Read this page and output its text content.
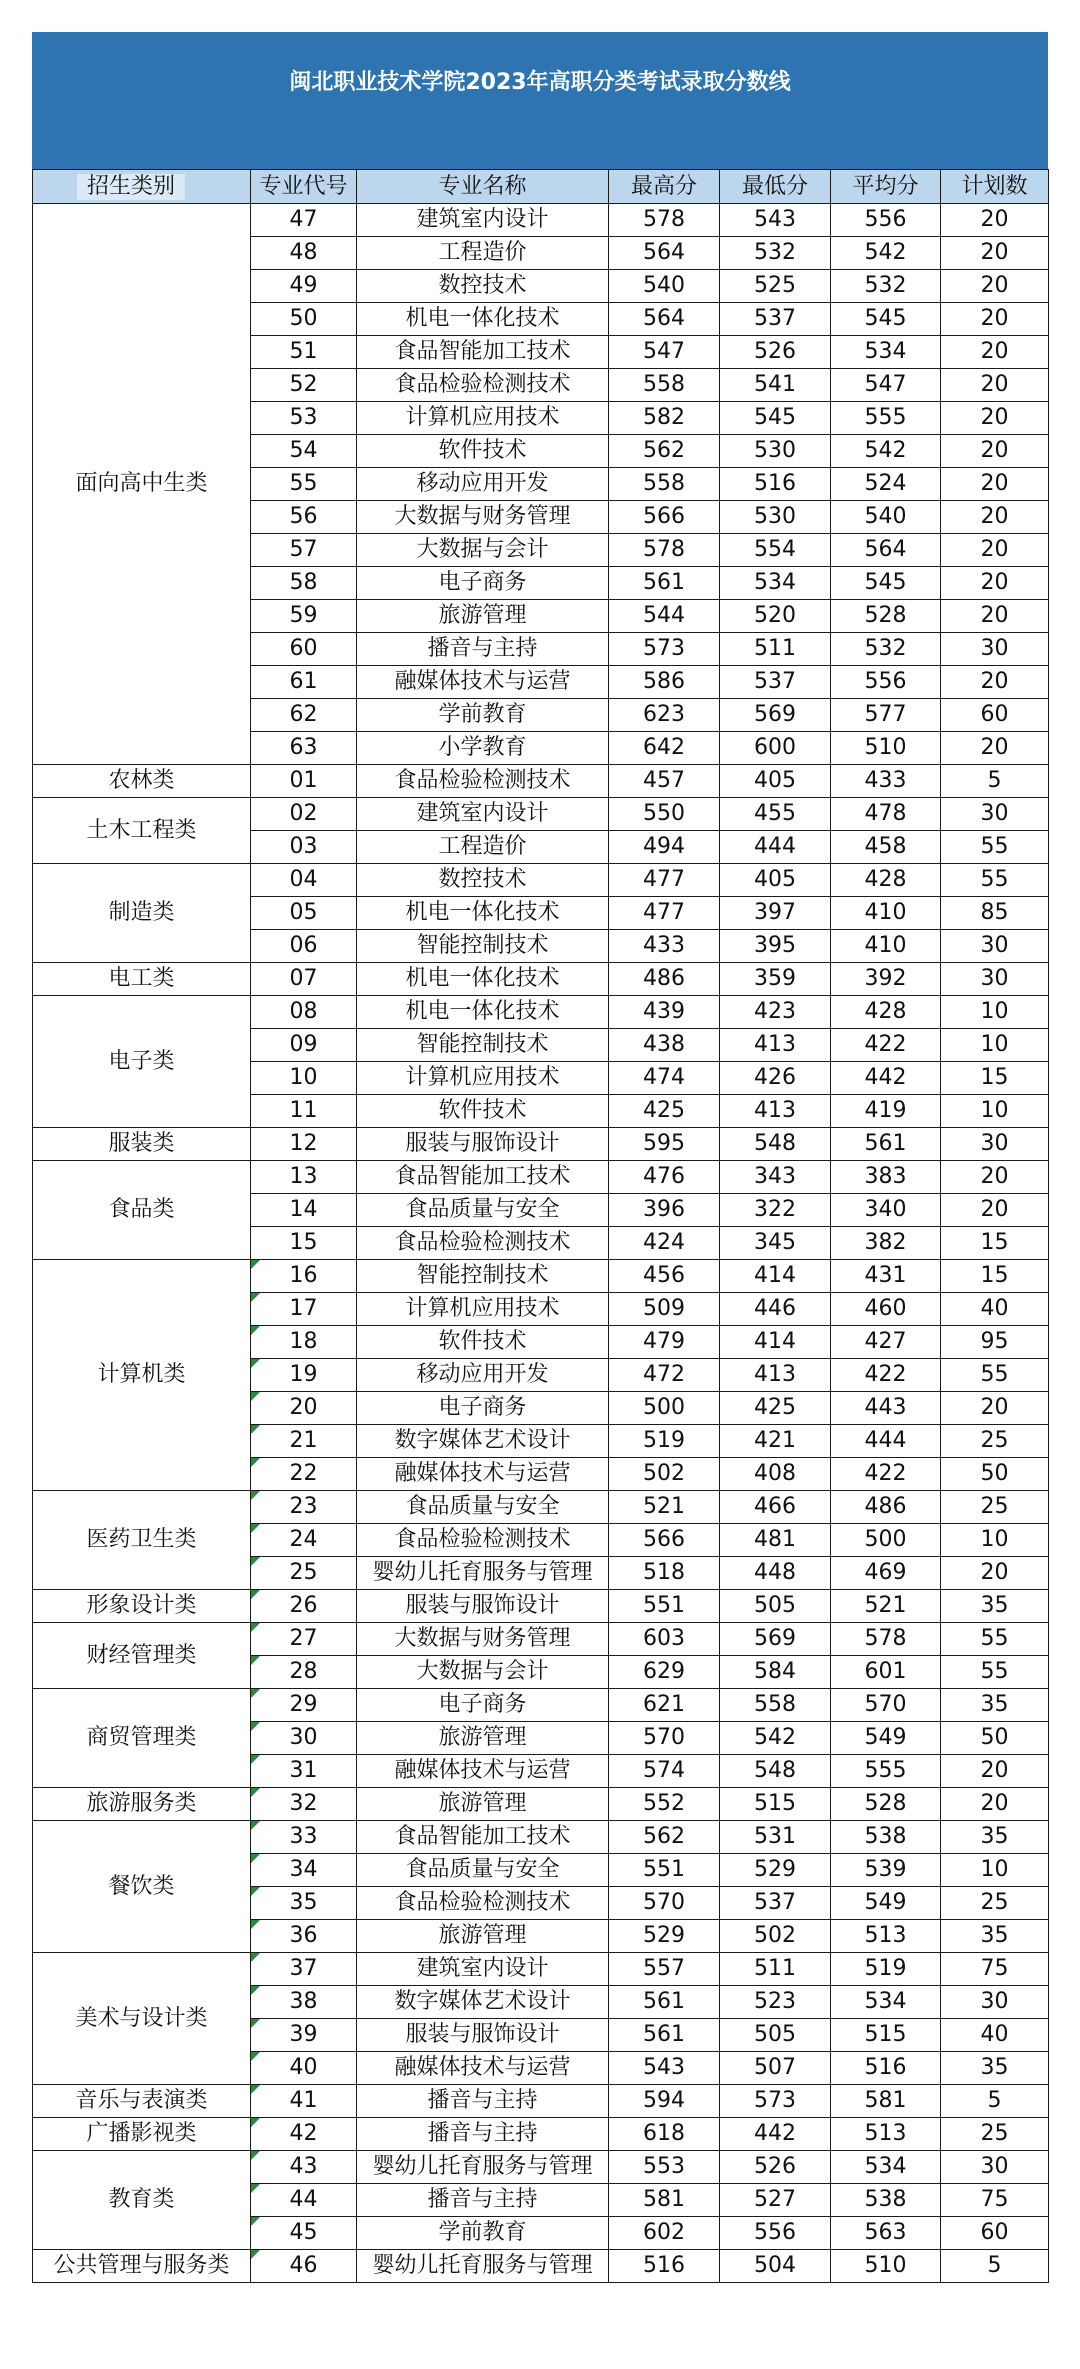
闽北职业技术学院2023年高职分类考试录取分数线
招生类别	专业代号	专业名称	最高分	最低分	平均分	计划数
面向高中生类	47	建筑室内设计	578	543	556	20
	48	工程造价	564	532	542	20
	49	数控技术	540	525	532	20
	50	机电一体化技术	564	537	545	20
	51	食品智能加工技术	547	526	534	20
	52	食品检验检测技术	558	541	547	20
	53	计算机应用技术	582	545	555	20
	54	软件技术	562	530	542	20
	55	移动应用开发	558	516	524	20
	56	大数据与财务管理	566	530	540	20
	57	大数据与会计	578	554	564	20
	58	电子商务	561	534	545	20
	59	旅游管理	544	520	528	20
	60	播音与主持	573	511	532	30
	61	融媒体技术与运营	586	537	556	20
	62	学前教育	623	569	577	60
	63	小学教育	642	600	510	20
农林类	01	食品检验检测技术	457	405	433	5
土木工程类	02	建筑室内设计	550	455	478	30
	03	工程造价	494	444	458	55
制造类	04	数控技术	477	405	428	55
	05	机电一体化技术	477	397	410	85
	06	智能控制技术	433	395	410	30
电工类	07	机电一体化技术	486	359	392	30
电子类	08	机电一体化技术	439	423	428	10
	09	智能控制技术	438	413	422	10
	10	计算机应用技术	474	426	442	15
	11	软件技术	425	413	419	10
服装类	12	服装与服饰设计	595	548	561	30
食品类	13	食品智能加工技术	476	343	383	20
	14	食品质量与安全	396	322	340	20
	15	食品检验检测技术	424	345	382	15
计算机类	16	智能控制技术	456	414	431	15
	17	计算机应用技术	509	446	460	40
	18	软件技术	479	414	427	95
	19	移动应用开发	472	413	422	55
	20	电子商务	500	425	443	20
	21	数字媒体艺术设计	519	421	444	25
	22	融媒体技术与运营	502	408	422	50
医药卫生类	23	食品质量与安全	521	466	486	25
	24	食品检验检测技术	566	481	500	10
	25	婴幼儿托育服务与管理	518	448	469	20
形象设计类	26	服装与服饰设计	551	505	521	35
财经管理类	27	大数据与财务管理	603	569	578	55
	28	大数据与会计	629	584	601	55
商贸管理类	29	电子商务	621	558	570	35
	30	旅游管理	570	542	549	50
	31	融媒体技术与运营	574	548	555	20
旅游服务类	32	旅游管理	552	515	528	20
餐饮类	33	食品智能加工技术	562	531	538	35
	34	食品质量与安全	551	529	539	10
	35	食品检验检测技术	570	537	549	25
	36	旅游管理	529	502	513	35
美术与设计类	37	建筑室内设计	557	511	519	75
	38	数字媒体艺术设计	561	523	534	30
	39	服装与服饰设计	561	505	515	40
	40	融媒体技术与运营	543	507	516	35
音乐与表演类	41	播音与主持	594	573	581	5
广播影视类	42	播音与主持	618	442	513	25
教育类	43	婴幼儿托育服务与管理	553	526	534	30
	44	播音与主持	581	527	538	75
	45	学前教育	602	556	563	60
公共管理与服务类	46	婴幼儿托育服务与管理	516	504	510	5
